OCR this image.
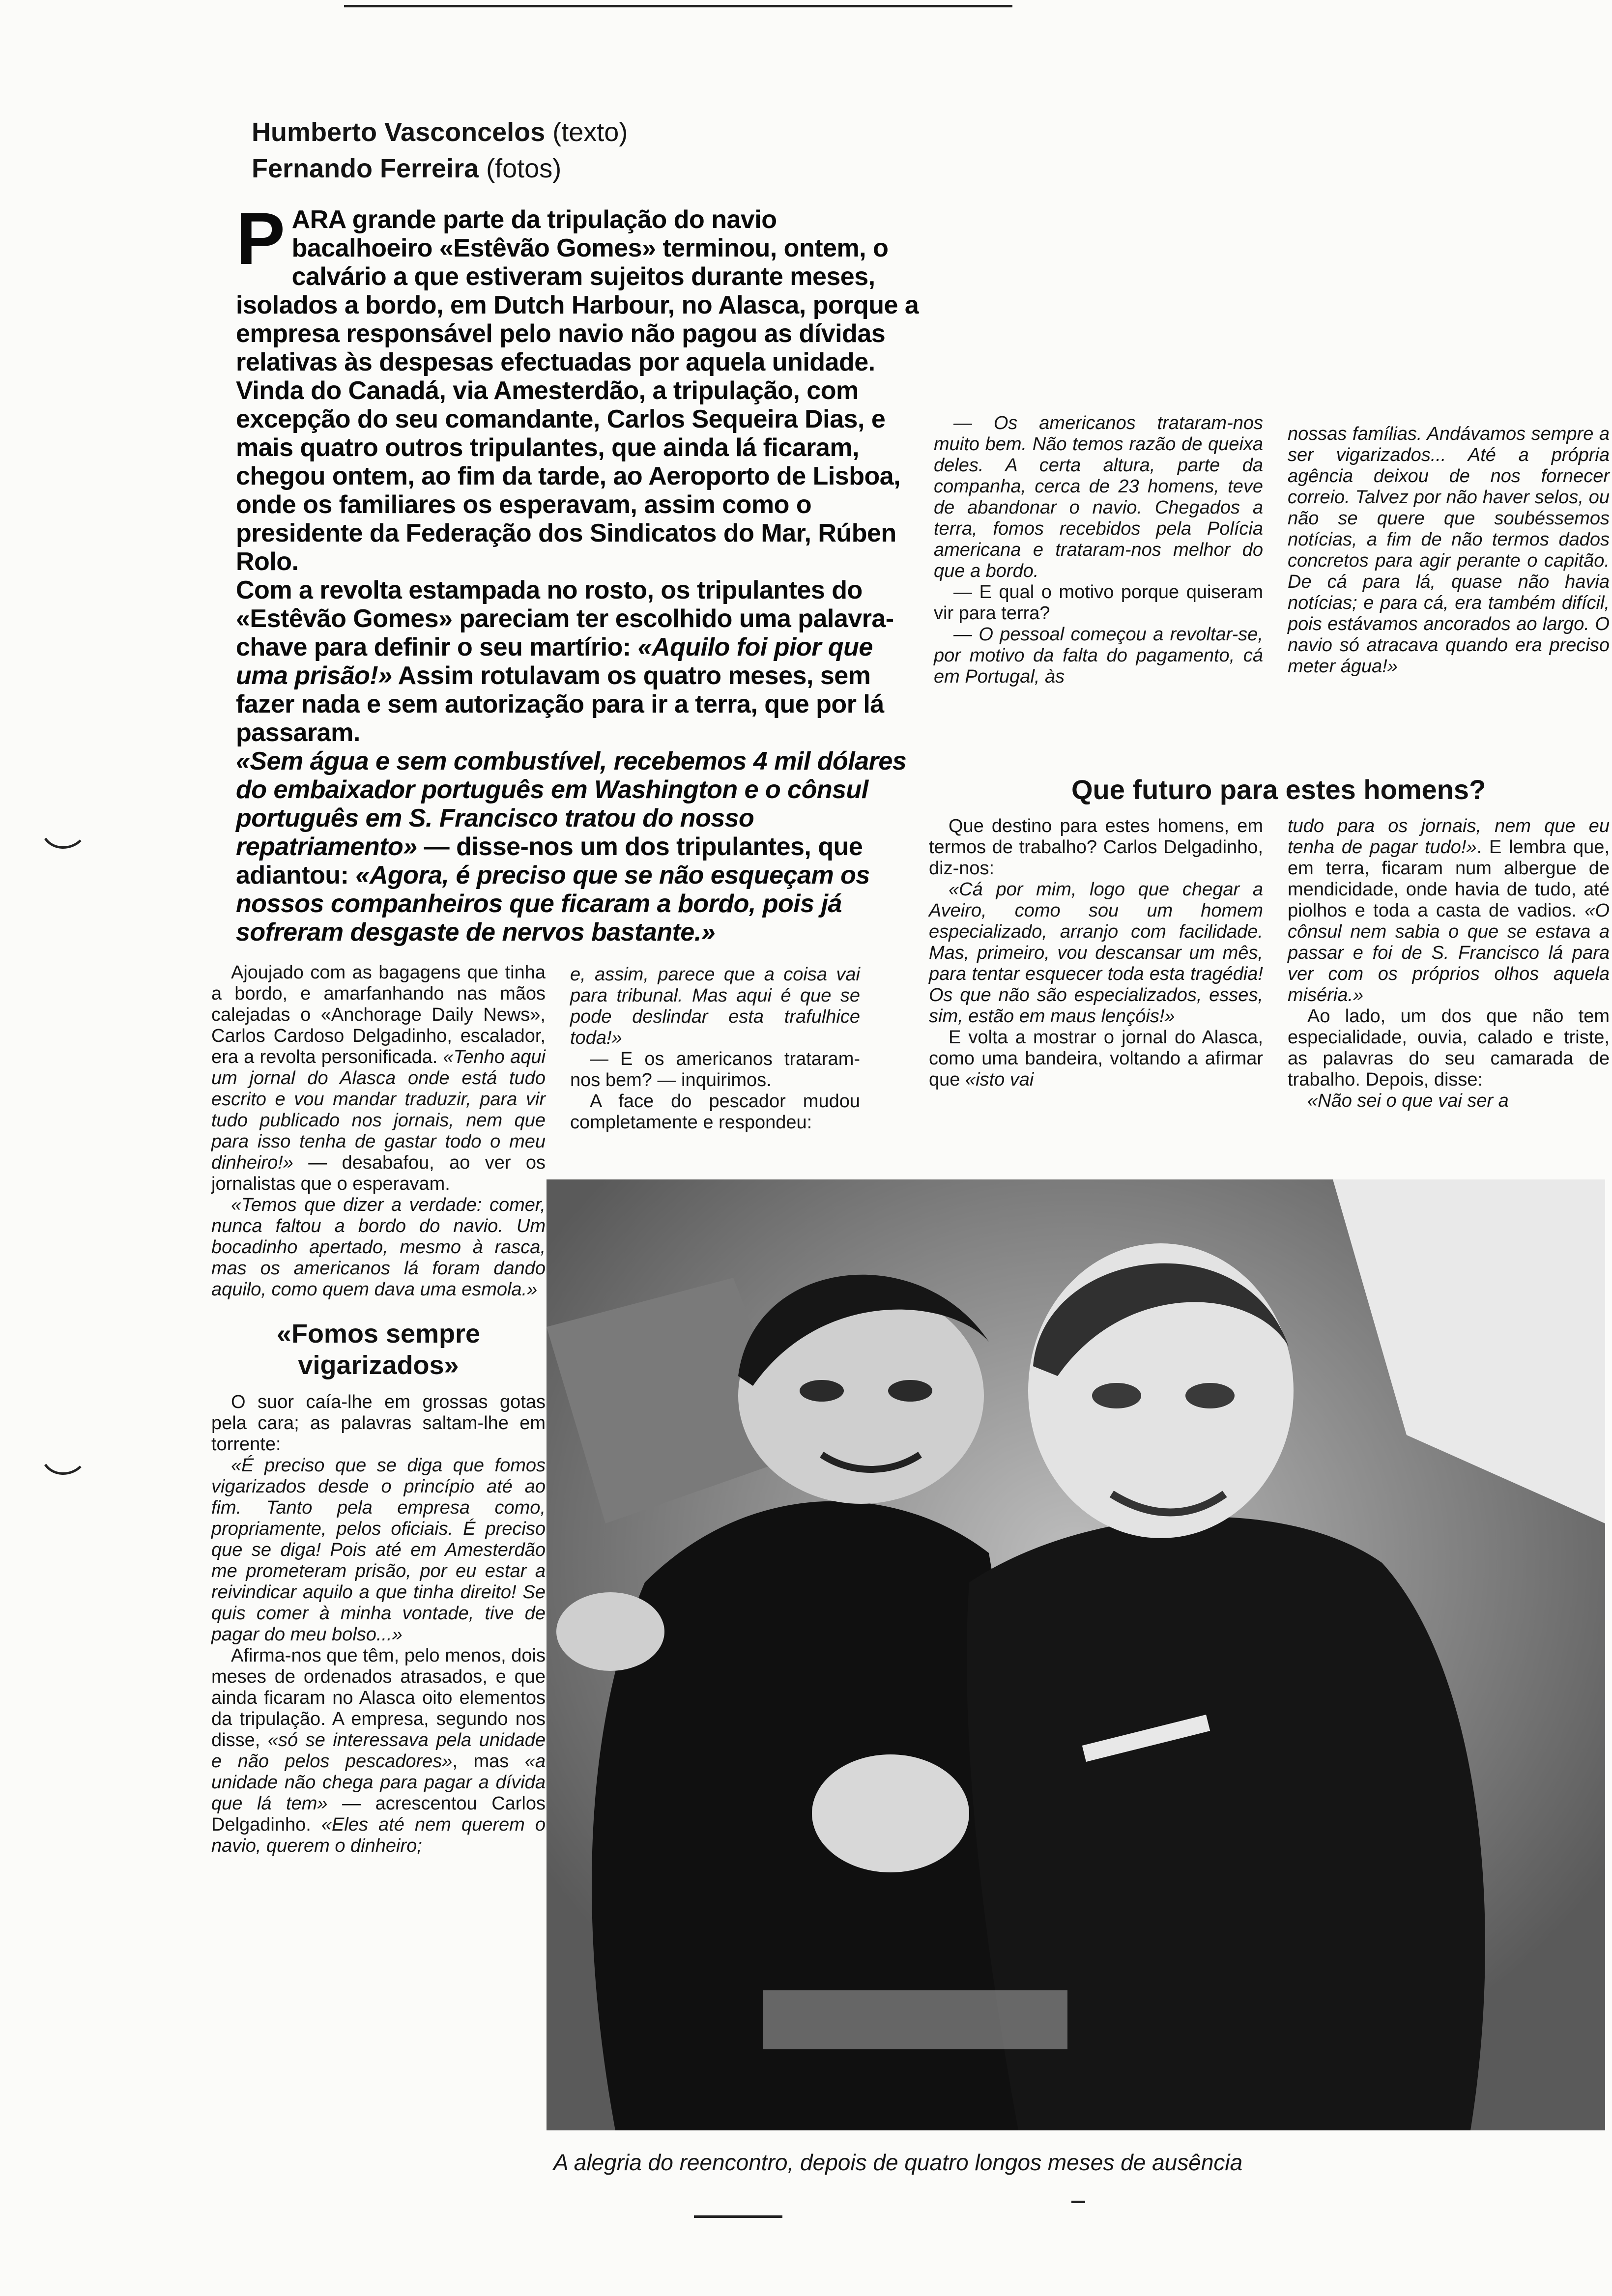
Humberto Vasconcelos (texto)
Fernando Ferreira (fotos)

PARA grande parte da tripulação do navio bacalhoeiro «Estêvão Gomes» terminou, ontem, o calvário a que estiveram sujeitos durante meses, isolados a bordo, em Dutch Harbour, no Alasca, porque a empresa responsável pelo navio não pagou as dívidas relativas às despesas efectuadas por aquela unidade. Vinda do Canadá, via Amesterdão, a tripulação, com excepção do seu comandante, Carlos Sequeira Dias, e mais quatro outros tripulantes, que ainda lá ficaram, chegou ontem, ao fim da tarde, ao Aeroporto de Lisboa, onde os familiares os esperavam, assim como o presidente da Federação dos Sindicatos do Mar, Rúben Rolo.

Com a revolta estampada no rosto, os tripulantes do «Estêvão Gomes» pareciam ter escolhido uma palavra-chave para definir o seu martírio: «Aquilo foi pior que uma prisão!» Assim rotulavam os quatro meses, sem fazer nada e sem autorização para ir a terra, que por lá passaram.

«Sem água e sem combustível, recebemos 4 mil dólares do embaixador português em Washington e o cônsul português em S. Francisco tratou do nosso repatriamento» — disse-nos um dos tripulantes, que adiantou: «Agora, é preciso que se não esqueçam os nossos companheiros que ficaram a bordo, pois já sofreram desgaste de nervos bastante.»

Ajoujado com as bagagens que tinha a bordo, e amarfanhando nas mãos calejadas o «Anchorage Daily News», Carlos Cardoso Delgadinho, escalador, era a revolta personificada. «Tenho aqui um jornal do Alasca onde está tudo escrito e vou mandar traduzir, para vir tudo publicado nos jornais, nem que para isso tenha de gastar todo o meu dinheiro!» — desabafou, ao ver os jornalistas que o esperavam.

«Temos que dizer a verdade: comer, nunca faltou a bordo do navio. Um bocadinho apertado, mesmo à rasca, mas os americanos lá foram dando aquilo, como quem dava uma esmola.»

«Fomos sempre vigarizados»

O suor caía-lhe em grossas gotas pela cara; as palavras saltam-lhe em torrente:

«É preciso que se diga que fomos vigarizados desde o princípio até ao fim. Tanto pela empresa como, propriamente, pelos oficiais. É preciso que se diga! Pois até em Amesterdão me prometeram prisão, por eu estar a reivindicar aquilo a que tinha direito! Se quis comer à minha vontade, tive de pagar do meu bolso...»

Afirma-nos que têm, pelo menos, dois meses de ordenados atrasados, e que ainda ficaram no Alasca oito elementos da tripulação. A empresa, segundo nos disse, «só se interessava pela unidade e não pelos pescadores», mas «a unidade não chega para pagar a dívida que lá tem» — acrescentou Carlos Delgadinho. «Eles até nem querem o navio, querem o dinheiro;

e, assim, parece que a coisa vai para tribunal. Mas aqui é que se pode deslindar esta trafulhice toda!»

— E os americanos trataram-nos bem? — inquirimos.

A face do pescador mudou completamente e respondeu:

— Os americanos trataram-nos muito bem. Não temos razão de queixa deles. A certa altura, parte da companha, cerca de 23 homens, teve de abandonar o navio. Chegados a terra, fomos recebidos pela Polícia americana e trataram-nos melhor do que a bordo.

— E qual o motivo porque quiseram vir para terra?

— O pessoal começou a revoltar-se, por motivo da falta do pagamento, cá em Portugal, às

nossas famílias. Andávamos sempre a ser vigarizados... Até a própria agência deixou de nos fornecer correio. Talvez por não haver selos, ou não se quere que soubéssemos notícias, a fim de não termos dados concretos para agir perante o capitão. De cá para lá, quase não havia notícias; e para cá, era também difícil, pois estávamos ancorados ao largo. O navio só atracava quando era preciso meter água!»

Que futuro para estes homens?

Que destino para estes homens, em termos de trabalho? Carlos Delgadinho, diz-nos:

«Cá por mim, logo que chegar a Aveiro, como sou um homem especializado, arranjo com facilidade. Mas, primeiro, vou descansar um mês, para tentar esquecer toda esta tragédia! Os que não são especializados, esses, sim, estão em maus lençóis!»

E volta a mostrar o jornal do Alasca, como uma bandeira, voltando a afirmar que «isto vai

tudo para os jornais, nem que eu tenha de pagar tudo!». E lembra que, em terra, ficaram num albergue de mendicidade, onde havia de tudo, até piolhos e toda a casta de vadios. «O cônsul nem sabia o que se estava a passar e foi de S. Francisco lá para ver com os próprios olhos aquela miséria.»

Ao lado, um dos que não tem especialidade, ouvia, calado e triste, as palavras do seu camarada de trabalho. Depois, disse:

«Não sei o que vai ser a

A alegria do reencontro, depois de quatro longos meses de ausência
